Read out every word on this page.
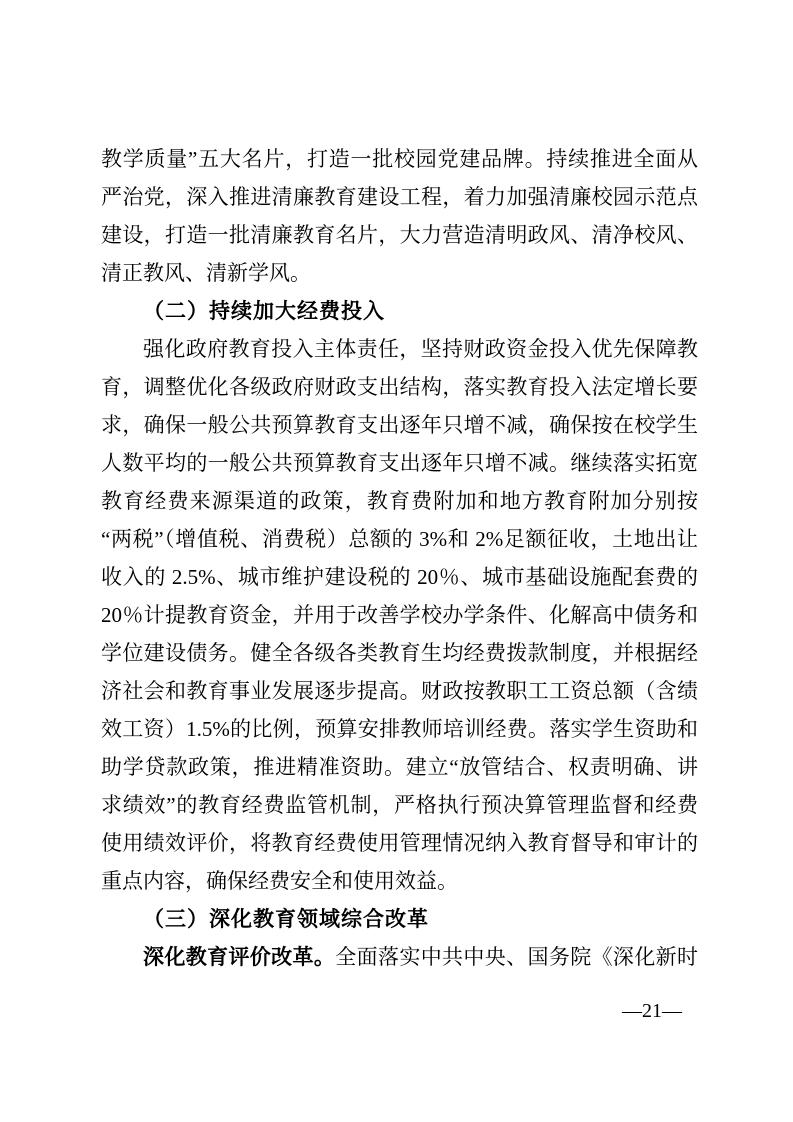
教学质量”五大名片，打造一批校园党建品牌。持续推进全面从
严治党，深入推进清廉教育建设工程，着力加强清廉校园示范点
建设，打造一批清廉教育名片，大力营造清明政风、清净校风、
清正教风、清新学风。
（二）持续加大经费投入
强化政府教育投入主体责任，坚持财政资金投入优先保障教
育，调整优化各级政府财政支出结构，落实教育投入法定增长要
求，确保一般公共预算教育支出逐年只增不减，确保按在校学生
人数平均的一般公共预算教育支出逐年只增不减。继续落实拓宽
教育经费来源渠道的政策，教育费附加和地方教育附加分别按
“两税”（增值税、消费税）总额的 3%和 2%足额征收，土地出让
收入的 2.5%、城市维护建设税的 20％、城市基础设施配套费的
20％计提教育资金，并用于改善学校办学条件、化解高中债务和
学位建设债务。健全各级各类教育生均经费拨款制度，并根据经
济社会和教育事业发展逐步提高。财政按教职工工资总额（含绩
效工资）1.5%的比例，预算安排教师培训经费。落实学生资助和
助学贷款政策，推进精准资助。建立“放管结合、权责明确、讲
求绩效”的教育经费监管机制，严格执行预决算管理监督和经费
使用绩效评价，将教育经费使用管理情况纳入教育督导和审计的
重点内容，确保经费安全和使用效益。
（三）深化教育领域综合改革
深化教育评价改革。全面落实中共中央、国务院《深化新时
—21—
